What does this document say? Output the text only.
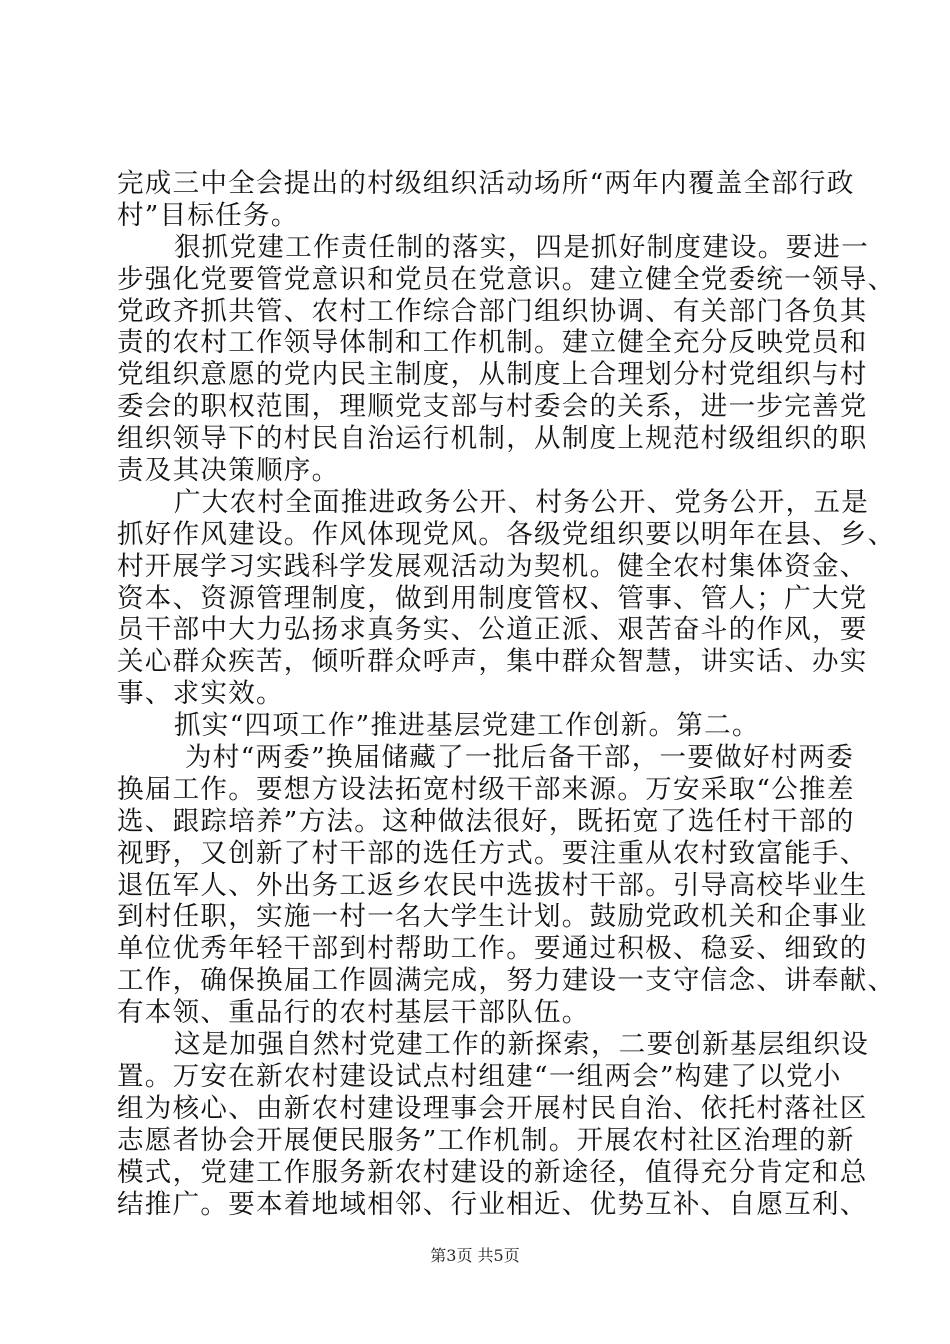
完成三中全会提出的村级组织活动场所“两年内覆盖全部行政
村”目标任务。
狠抓党建工作责任制的落实，四是抓好制度建设。要进一
步强化党要管党意识和党员在党意识。建立健全党委统一领导、
党政齐抓共管、农村工作综合部门组织协调、有关部门各负其
责的农村工作领导体制和工作机制。建立健全充分反映党员和
党组织意愿的党内民主制度，从制度上合理划分村党组织与村
委会的职权范围，理顺党支部与村委会的关系，进一步完善党
组织领导下的村民自治运行机制，从制度上规范村级组织的职
责及其决策顺序。
广大农村全面推进政务公开、村务公开、党务公开，五是
抓好作风建设。作风体现党风。各级党组织要以明年在县、乡、
村开展学习实践科学发展观活动为契机。健全农村集体资金、
资本、资源管理制度，做到用制度管权、管事、管人；广大党
员干部中大力弘扬求真务实、公道正派、艰苦奋斗的作风，要
关心群众疾苦，倾听群众呼声，集中群众智慧，讲实话、办实
事、求实效。
抓实“四项工作”推进基层党建工作创新。第二。
为村“两委”换届储藏了一批后备干部，一要做好村两委
换届工作。要想方设法拓宽村级干部来源。万安采取“公推差
选、跟踪培养”方法。这种做法很好，既拓宽了选任村干部的
视野，又创新了村干部的选任方式。要注重从农村致富能手、
退伍军人、外出务工返乡农民中选拔村干部。引导高校毕业生
到村任职，实施一村一名大学生计划。鼓励党政机关和企事业
单位优秀年轻干部到村帮助工作。要通过积极、稳妥、细致的
工作，确保换届工作圆满完成，努力建设一支守信念、讲奉献、
有本领、重品行的农村基层干部队伍。
这是加强自然村党建工作的新探索，二要创新基层组织设
置。万安在新农村建设试点村组建“一组两会”构建了以党小
组为核心、由新农村建设理事会开展村民自治、依托村落社区
志愿者协会开展便民服务”工作机制。开展农村社区治理的新
模式，党建工作服务新农村建设的新途径，值得充分肯定和总
结推广。要本着地域相邻、行业相近、优势互补、自愿互利、
第3页 共5页
